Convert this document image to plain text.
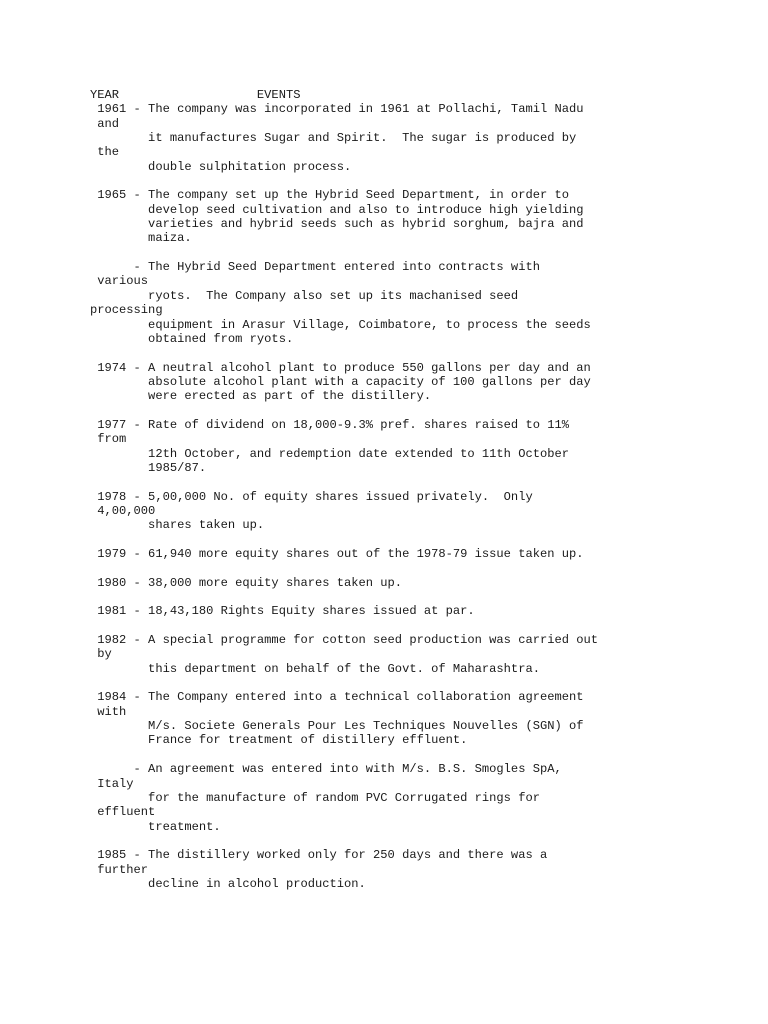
YEAR                   EVENTS
1961 - The company was incorporated in 1961 at Pollachi, Tamil Nadu
and
it manufactures Sugar and Spirit.  The sugar is produced by
the
double sulphitation process.
1965 - The company set up the Hybrid Seed Department, in order to
develop seed cultivation and also to introduce high yielding
varieties and hybrid seeds such as hybrid sorghum, bajra and
maiza.
- The Hybrid Seed Department entered into contracts with
various
ryots.  The Company also set up its machanised seed
processing
equipment in Arasur Village, Coimbatore, to process the seeds
obtained from ryots.
1974 - A neutral alcohol plant to produce 550 gallons per day and an
absolute alcohol plant with a capacity of 100 gallons per day
were erected as part of the distillery.
1977 - Rate of dividend on 18,000-9.3% pref. shares raised to 11%
from
12th October, and redemption date extended to 11th October
1985/87.
1978 - 5,00,000 No. of equity shares issued privately.  Only
4,00,000
shares taken up.
1979 - 61,940 more equity shares out of the 1978-79 issue taken up.
1980 - 38,000 more equity shares taken up.
1981 - 18,43,180 Rights Equity shares issued at par.
1982 - A special programme for cotton seed production was carried out
by
this department on behalf of the Govt. of Maharashtra.
1984 - The Company entered into a technical collaboration agreement
with
M/s. Societe Generals Pour Les Techniques Nouvelles (SGN) of
France for treatment of distillery effluent.
- An agreement was entered into with M/s. B.S. Smogles SpA,
Italy
for the manufacture of random PVC Corrugated rings for
effluent
treatment.
1985 - The distillery worked only for 250 days and there was a
further
decline in alcohol production.
